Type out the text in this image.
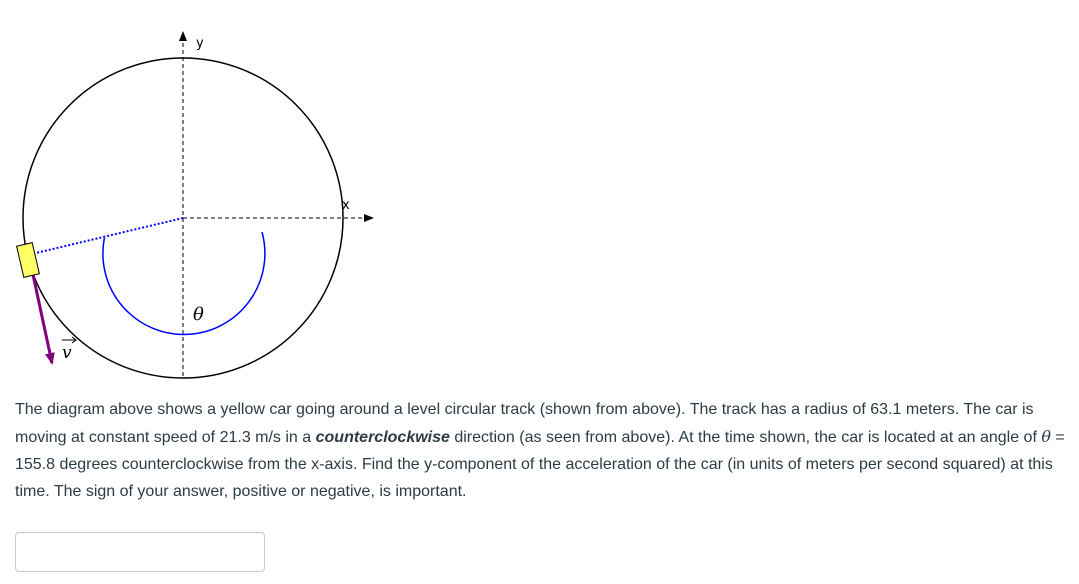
y
x
θ
v

The diagram above shows a yellow car going around a level circular track (shown from above). The track has a radius of 63.1 meters. The car is moving at constant speed of 21.3 m/s in a counterclockwise direction (as seen from above). At the time shown, the car is located at an angle of θ = 155.8 degrees counterclockwise from the x-axis. Find the y-component of the acceleration of the car (in units of meters per second squared) at this time. The sign of your answer, positive or negative, is important.
